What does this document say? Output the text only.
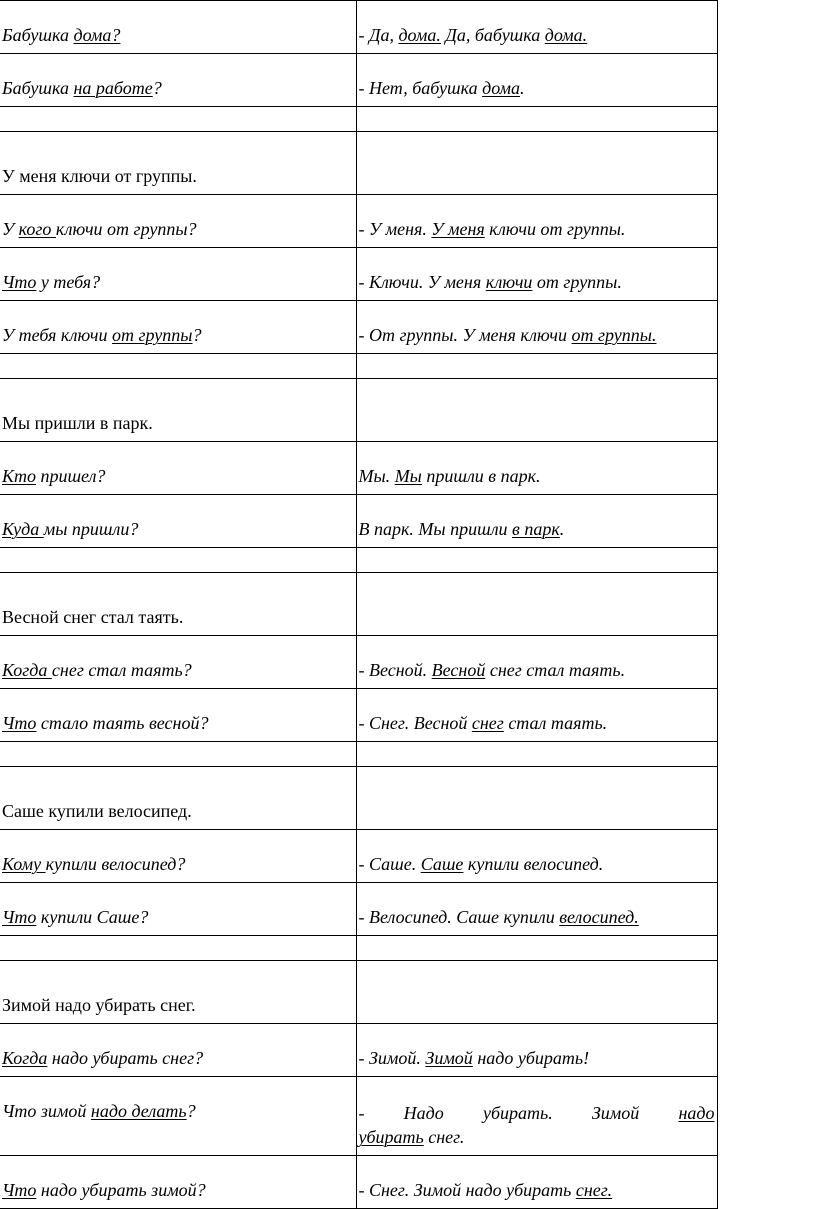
Бабушка дома?	- Да, дома. Да, бабушка дома.
Бабушка на работе?	- Нет, бабушка дома.

У меня ключи от группы.	
У кого ключи от группы?	- У меня. У меня ключи от группы.
Что у тебя?	- Ключи. У меня ключи от группы.
У тебя ключи от группы?	- От группы. У меня ключи от группы.

Мы пришли в парк.	
Кто пришел?	Мы. Мы пришли в парк.
Куда мы пришли?	В парк. Мы пришли в парк.

Весной снег стал таять.	
Когда снег стал таять?	- Весной. Весной снег стал таять.
Что стало таять весной?	- Снег. Весной снег стал таять.

Саше купили велосипед.	
Кому купили велосипед?	- Саше. Саше купили велосипед.
Что купили Саше?	- Велосипед. Саше купили велосипед.

Зимой надо убирать снег.	
Когда надо убирать снег?	- Зимой. Зимой надо убирать!
Что зимой надо делать?	- Надо убирать. Зимой надо
убирать снег.
Что надо убирать зимой?	- Снег. Зимой надо убирать снег.
